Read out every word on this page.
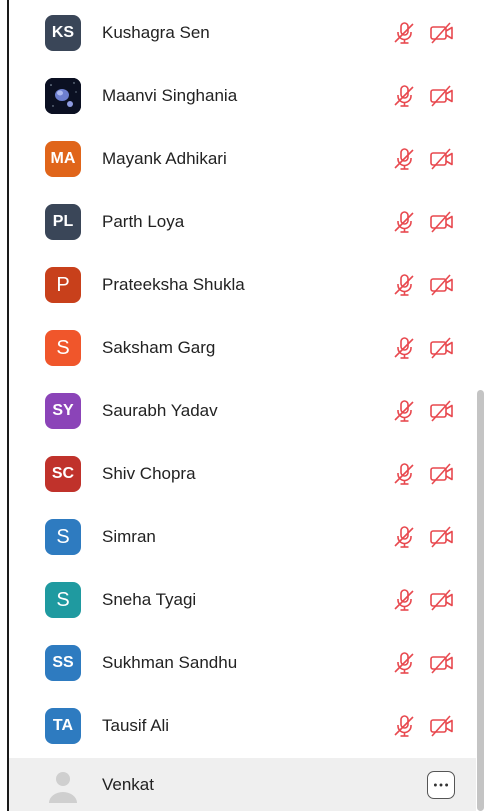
KS	Kushagra Sen
Maanvi Singhania
MA	Mayank Adhikari
PL	Parth Loya
P	Prateeksha Shukla
S	Saksham Garg
SY	Saurabh Yadav
SC	Shiv Chopra
S	Simran
S	Sneha Tyagi
SS	Sukhman Sandhu
TA	Tausif Ali
Venkat
